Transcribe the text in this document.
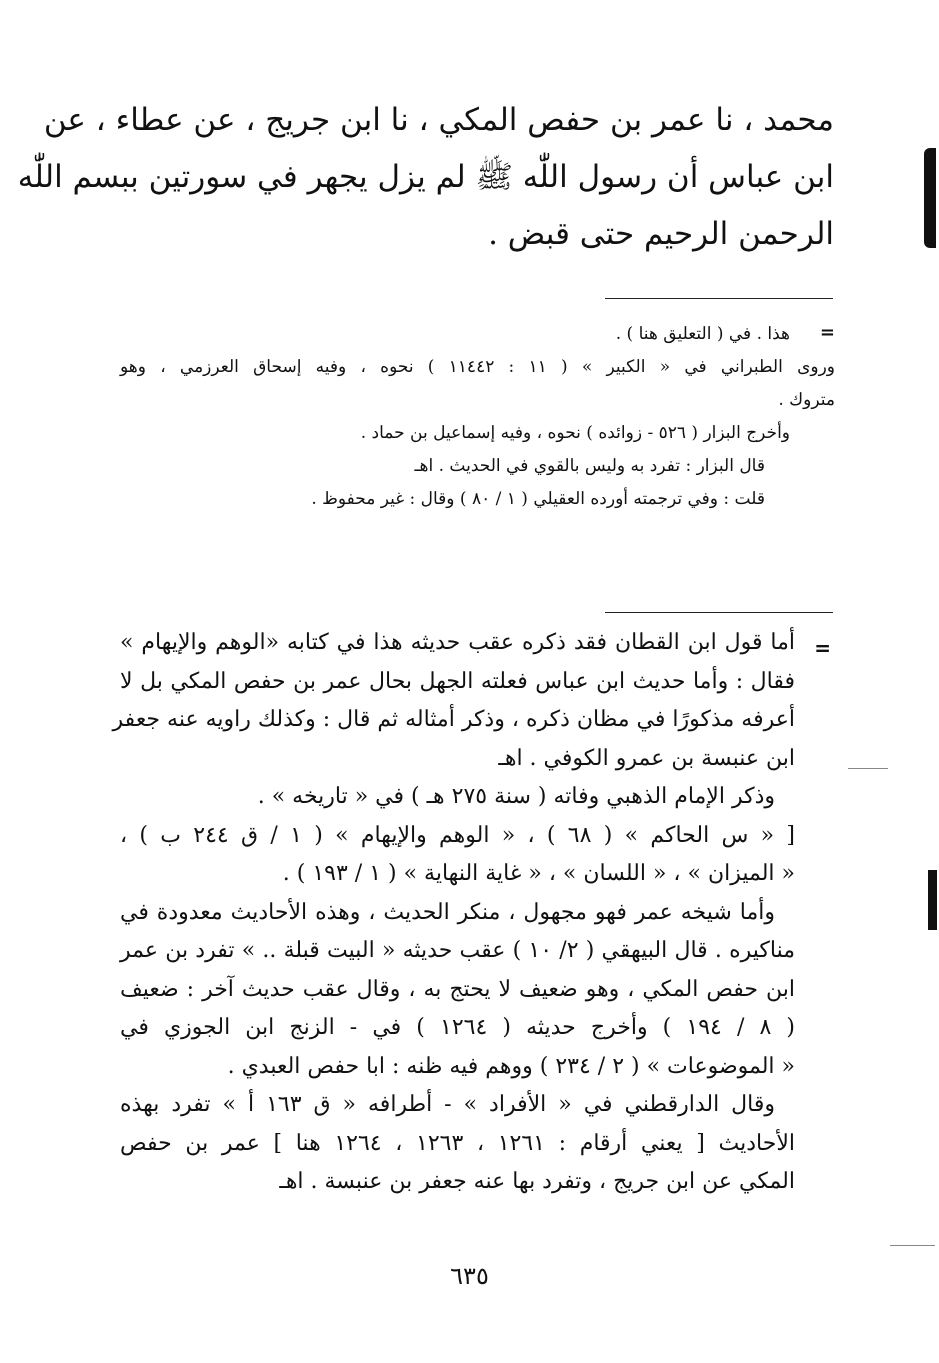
محمد ، نا عمر بن حفص المكي ، نا ابن جريج ، عن عطاء ، عن
ابن عباس أن رسول اللّٰه ﷺ لم يزل يجهر في سورتين ببسم اللّٰه
الرحمن الرحيم حتى قبض .
=
هذا . في ( التعليق هنا ) .
وروى الطبراني في « الكبير » ( ١١ : ١١٤٤٢ ) نحوه ، وفيه إسحاق العرزمي ، وهو
متروك .
وأخرج البزار ( ٥٢٦ - زوائده ) نحوه ، وفيه إسماعيل بن حماد .
قال البزار : تفرد به وليس بالقوي في الحديث . اهـ
قلت : وفي ترجمته أورده العقيلي ( ١ / ٨٠ ) وقال : غير محفوظ .
=
أما قول ابن القطان فقد ذكره عقب حديثه هذا في كتابه «الوهم والإيهام »
فقال : وأما حديث ابن عباس فعلته الجهل بحال عمر بن حفص المكي بل لا
أعرفه مذكورًا في مظان ذكره ، وذكر أمثاله ثم قال : وكذلك راويه عنه جعفر
ابن عنبسة بن عمرو الكوفي . اهـ
وذكر الإمام الذهبي وفاته ( سنة ٢٧٥ هـ ) في « تاريخه » .
[ « س الحاكم » ( ٦٨ ) ، « الوهم والإيهام » ( ١ / ق ٢٤٤ ب ) ،
« الميزان » ، « اللسان » ، « غاية النهاية » ( ١ / ١٩٣ ) .
وأما شيخه عمر فهو مجهول ، منكر الحديث ، وهذه الأحاديث معدودة في
مناكيره . قال البيهقي ( ٢/ ١٠ ) عقب حديثه « البيت قبلة .. » تفرد بن عمر
ابن حفص المكي ، وهو ضعيف لا يحتج به ، وقال عقب حديث آخر : ضعيف
( ٨ / ١٩٤ ) وأخرج حديثه ( ١٢٦٤ ) في - الزنج ابن الجوزي في
« الموضوعات » ( ٢ / ٢٣٤ ) ووهم فيه ظنه : ابا حفص العبدي .
وقال الدارقطني في « الأفراد » - أطرافه « ق ١٦٣ أ » تفرد بهذه
الأحاديث [ يعني أرقام : ١٢٦١ ، ١٢٦٣ ، ١٢٦٤ هنا ] عمر بن حفص
المكي عن ابن جريج ، وتفرد بها عنه جعفر بن عنبسة . اهـ
٦٣٥
